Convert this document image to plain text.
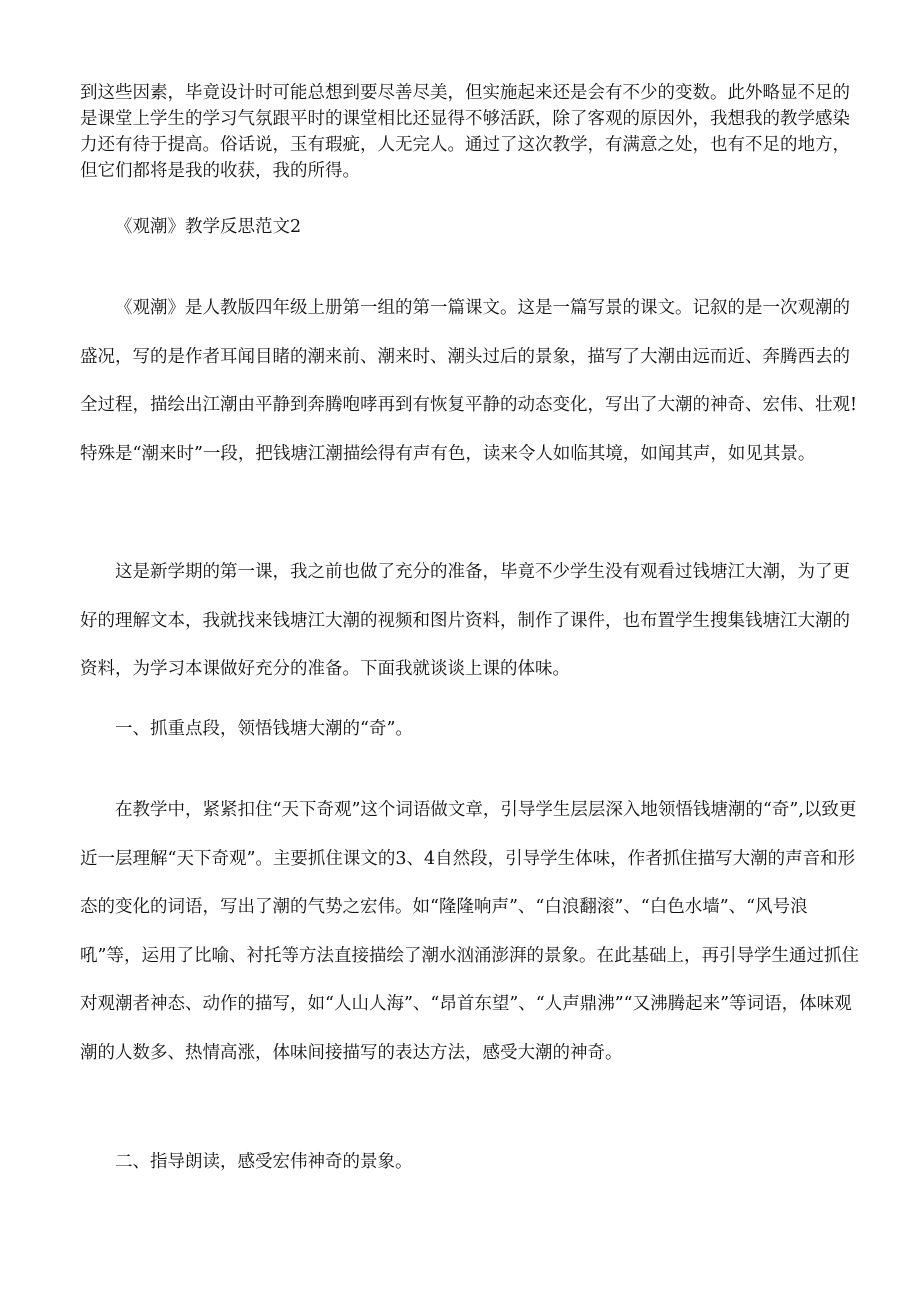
到这些因素，毕竟设计时可能总想到要尽善尽美，但实施起来还是会有不少的变数。此外略显不足的是课堂上学生的学习气氛跟平时的课堂相比还显得不够活跃，除了客观的原因外，我想我的教学感染力还有待于提高。俗话说，玉有瑕疵，人无完人。通过了这次教学，有满意之处，也有不足的地方，但它们都将是我的收获，我的所得。

《观潮》教学反思范文2

《观潮》是人教版四年级上册第一组的第一篇课文。这是一篇写景的课文。记叙的是一次观潮的盛况，写的是作者耳闻目睹的潮来前、潮来时、潮头过后的景象，描写了大潮由远而近、奔腾西去的全过程，描绘出江潮由平静到奔腾咆哮再到有恢复平静的动态变化，写出了大潮的神奇、宏伟、壮观!特殊是“潮来时”一段，把钱塘江潮描绘得有声有色，读来令人如临其境，如闻其声，如见其景。

这是新学期的第一课，我之前也做了充分的准备，毕竟不少学生没有观看过钱塘江大潮，为了更好的理解文本，我就找来钱塘江大潮的视频和图片资料，制作了课件，也布置学生搜集钱塘江大潮的资料，为学习本课做好充分的准备。下面我就谈谈上课的体味。

一、抓重点段，领悟钱塘大潮的“奇”。

在教学中，紧紧扣住“天下奇观”这个词语做文章，引导学生层层深入地领悟钱塘潮的“奇”,以致更近一层理解“天下奇观”。主要抓住课文的3、4自然段，引导学生体味，作者抓住描写大潮的声音和形态的变化的词语，写出了潮的气势之宏伟。如“隆隆响声”、“白浪翻滚”、“白色水墙”、“风号浪吼”等，运用了比喻、衬托等方法直接描绘了潮水汹涌澎湃的景象。在此基础上，再引导学生通过抓住对观潮者神态、动作的描写，如“人山人海”、“昂首东望”、“人声鼎沸”“又沸腾起来”等词语，体味观潮的人数多、热情高涨，体味间接描写的表达方法，感受大潮的神奇。

二、指导朗读，感受宏伟神奇的景象。
